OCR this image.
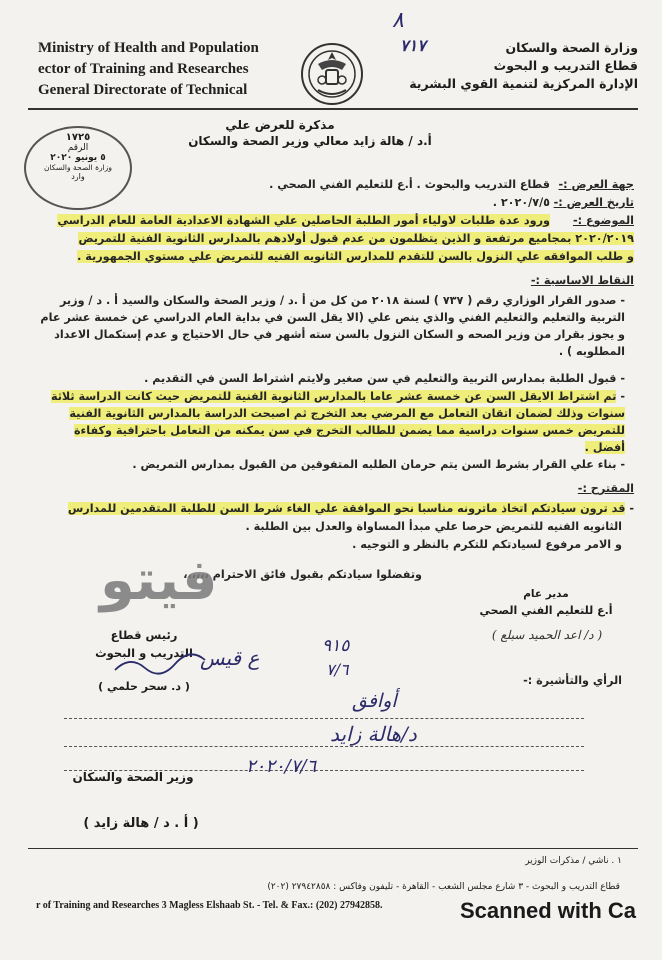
٨
Ministry of Health and Population
ector of Training and Researches
General Directorate of Technical
٧١٧	وزارة الصحة والسكان
قطاع التدريب و البحوث
الإدارة المركزية لتنمية القوي البشرية
١٧٢٥
الرقم
٥ يونيو ٢٠٢٠
وزارة الصحة والسكان
وارد
مذكرة للعرض علي
أ.د / هالة زايد معالي وزير الصحة والسكان
جهة العرض :-
قطاع التدريب والبحوث . أ.ع للتعليم الفني الصحي .
تاريخ العرض :-
٢٠٢٠/٧/٥ .
الموضوع :-
ورود عدة طلبات لاولياء أمور الطلبة الحاصلين علي الشهادة الاعدادية العامة للعام الدراسي
٢٠٢٠/٢٠١٩ بمجاميع مرتفعة و الذين يتظلمون من عدم قبول أولادهم بالمدارس الثانوية الفنية للتمريض
و طلب الموافقه علي النزول بالسن للتقدم للمدارس الثانويه الفنيه للتمريض علي مستوي الجمهورية .
النقاط الاساسية :-
- صدور القرار الوزاري رقم ( ٧٣٧ ) لسنة ٢٠١٨ من كل من أ .د / وزير الصحة والسكان والسيد أ . د / وزير التربية والتعليم والتعليم الفني والذي ينص علي (الا يقل السن في بداية العام الدراسي عن خمسة عشر عام و يجوز بقرار من وزير الصحه و السكان النزول بالسن سته أشهر في حال الاحتياج و عدم إستكمال الاعداد المطلوبه ) .
- قبول الطلبة بمدارس التربية والتعليم في سن صغير ولايتم اشتراط السن في التقديم .
- تم اشتراط الايقل السن عن خمسة عشر عاما بالمدارس الثانوية الفنية للتمريض حيث كانت الدراسة ثلاثة سنوات وذلك لضمان اتقان التعامل مع المرضي بعد التخرج ثم اصبحت الدراسة بالمدارس الثانوية الفنية للتمريض خمس سنوات دراسية مما يضمن للطالب التخرج في سن يمكنه من التعامل باحترافية وكفاءة أفضل .
- بناء علي القرار بشرط السن يتم حرمان الطلبه المتفوقين من القبول بمدارس التمريض .
المقترح :-
- قد ترون سيادتكم اتخاذ ماترونه مناسبا نحو الموافقة علي الغاء شرط السن للطلبة المتقدمين للمدارس
الثانويه الفنيه للتمريض حرصا علي مبدأ المساواة والعدل بين الطلبة .
و الامر مرفوع لسيادتكم للتكرم بالنظر و التوجيه .
وتفضلوا سيادتكم بقبول فائق الاحترام ،،،،،،
فيتو	مدير عام
أ.ع للتعليم الفني الصحي
( د/ اعد الحميد سبلع )
الرأي والتأشيرة :-
رئيس قطاع
التدريب و البحوث
( د. سحر حلمي )
٩١٥
٧/٦
ع قيس
أوافق
د/هالة زايد
٢٠٢٠/٧/٦
وزير الصحة والسكان
( أ . د / هالة زايد )
١ . ناشي / مذكرات الوزير
قطاع التدريب و البحوث - ٣ شارع مجلس الشعب - القاهرة - تليفون وفاكس : ٢٧٩٤٢٨٥٨ (٢٠٢)
r of Training and Researches 3 Magless Elshaab St. - Tel. & Fax.: (202) 27942858.	Scanned with Ca
